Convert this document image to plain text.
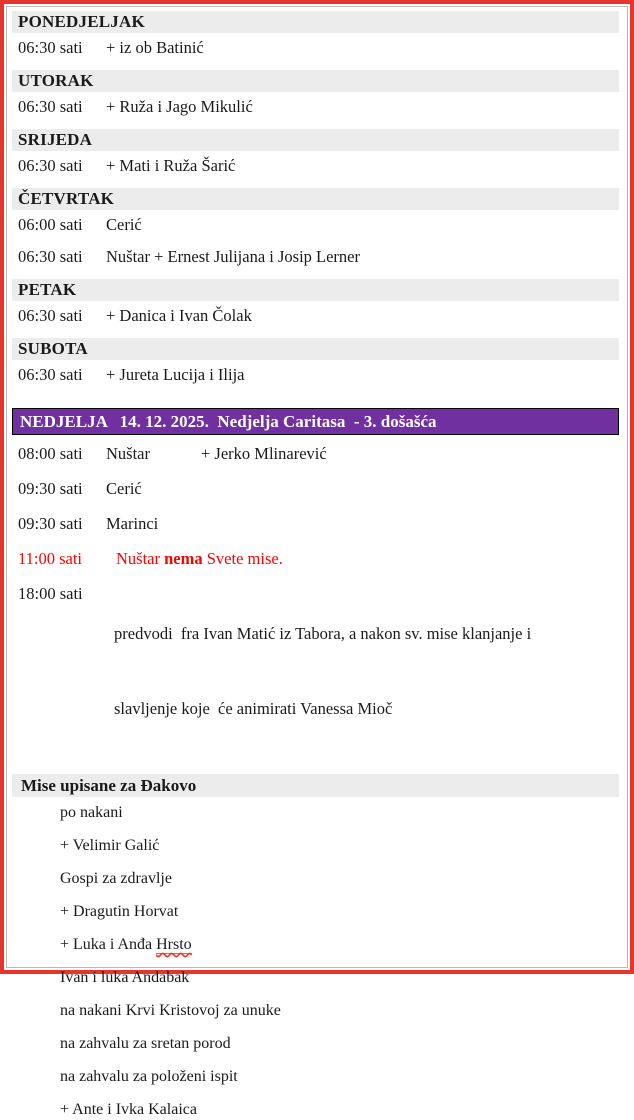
PONEDJELJAK
06:30 sati	+ iz ob Batinić
UTORAK
06:30 sati	+ Ruža i Jago Mikulić
SRIJEDA
06:30 sati	+ Mati i Ruža Šarić
ČETVRTAK
06:00 sati	Cerić
06:30 sati	Nuštar + Ernest Julijana i Josip Lerner
PETAK
06:30 sati	+ Danica i Ivan Čolak
SUBOTA
06:30 sati	+ Jureta Lucija i Ilija
NEDJELJA   14. 12. 2025.  Nedjelja Caritasa  - 3. došašća
08:00 sati	Nuštar	+ Jerko Mlinarević
09:30 sati	Cerić
09:30 sati	Marinci
11:00 sati	Nuštar nema Svete mise.
18:00 sati

predvodi  fra Ivan Matić iz Tabora, a nakon sv. mise klanjanje i

slavljenje koje  će animirati Vanessa Mioč

Mise upisane za Đakovo
po nakani
+ Velimir Galić
Gospi za zdravlje
+ Dragutin Horvat
+ Luka i Anđa Hrsto
Ivan i luka Andabak
na nakani Krvi Kristovoj za unuke
na zahvalu za sretan porod
na zahvalu za položeni ispit
+ Ante i Ivka Kalaica
